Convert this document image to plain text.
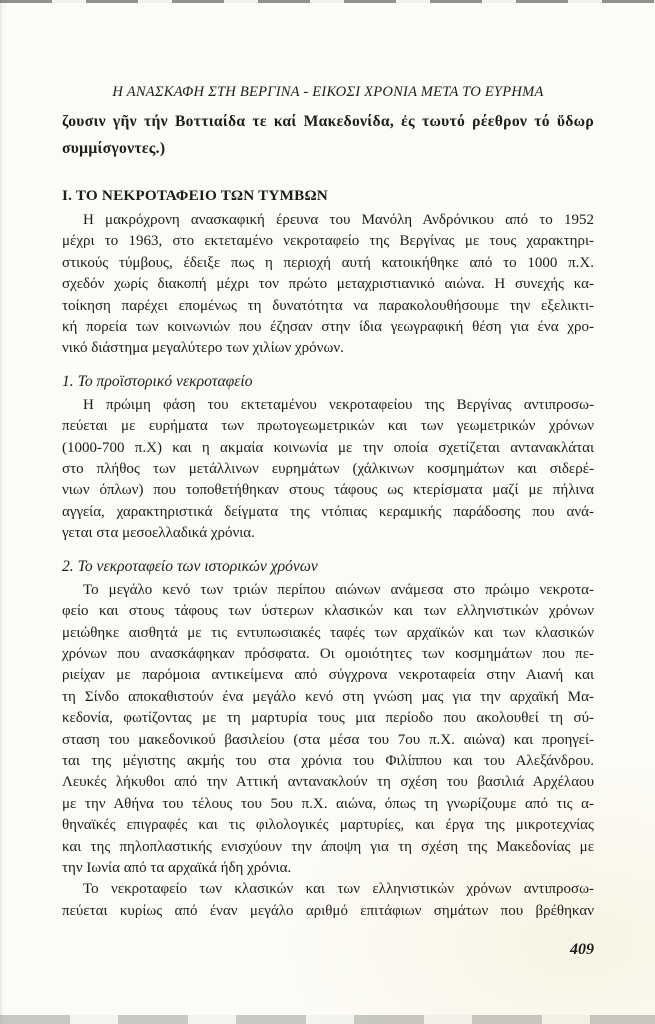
Η ΑΝΑΣΚΑΦΗ ΣΤΗ ΒΕΡΓΙΝΑ - ΕΙΚΟΣΙ ΧΡΟΝΙΑ ΜΕΤΑ ΤΟ ΕΥΡΗΜΑ
ζουσιν γῆν τήν Βοττιαίδα τε καί Μακεδονίδα, ἐς τωυτό ρέεθρον τό ὕδωρ
συμμίσγοντες.)
Ι. ΤΟ ΝΕΚΡΟΤΑΦΕΙΟ ΤΩΝ ΤΥΜΒΩΝ
Η μακρόχρονη ανασκαφική έρευνα του Μανόλη Ανδρόνικου από το 1952
μέχρι το 1963, στο εκτεταμένο νεκροταφείο της Βεργίνας με τους χαρακτηρι-
στικούς τύμβους, έδειξε πως η περιοχή αυτή κατοικήθηκε από το 1000 π.Χ.
σχεδόν χωρίς διακοπή μέχρι τον πρώτο μεταχριστιανικό αιώνα. Η συνεχής κα-
τοίκηση παρέχει επομένως τη δυνατότητα να παρακολουθήσουμε την εξελικτι-
κή πορεία των κοινωνιών που έζησαν στην ίδια γεωγραφική θέση για ένα χρο-
νικό διάστημα μεγαλύτερο των χιλίων χρόνων.
1. Το προϊστορικό νεκροταφείο
Η πρώιμη φάση του εκτεταμένου νεκροταφείου της Βεργίνας αντιπροσω-
πεύεται με ευρήματα των πρωτογεωμετρικών και των γεωμετρικών χρόνων
(1000-700 π.Χ) και η ακμαία κοινωνία με την οποία σχετίζεται αντανακλάται
στο πλήθος των μετάλλινων ευρημάτων (χάλκινων κοσμημάτων και σιδερέ-
νιων όπλων) που τοποθετήθηκαν στους τάφους ως κτερίσματα μαζί με πήλινα
αγγεία, χαρακτηριστικά δείγματα της ντόπιας κεραμικής παράδοσης που ανά-
γεται στα μεσοελλαδικά χρόνια.
2. Το νεκροταφείο των ιστορικών χρόνων
Το μεγάλο κενό των τριών περίπου αιώνων ανάμεσα στο πρώιμο νεκροτα-
φείο και στους τάφους των ύστερων κλασικών και των ελληνιστικών χρόνων
μειώθηκε αισθητά με τις εντυπωσιακές ταφές των αρχαϊκών και των κλασικών
χρόνων που ανασκάφηκαν πρόσφατα. Οι ομοιότητες των κοσμημάτων που πε-
ριείχαν με παρόμοια αντικείμενα από σύγχρονα νεκροταφεία στην Αιανή και
τη Σίνδο αποκαθιστούν ένα μεγάλο κενό στη γνώση μας για την αρχαϊκή Μα-
κεδονία, φωτίζοντας με τη μαρτυρία τους μια περίοδο που ακολουθεί τη σύ-
σταση του μακεδονικού βασιλείου (στα μέσα του 7ου π.Χ. αιώνα) και προηγεί-
ται της μέγιστης ακμής του στα χρόνια του Φιλίππου και του Αλεξάνδρου.
Λευκές λήκυθοι από την Αττική αντανακλούν τη σχέση του βασιλιά Αρχέλαου
με την Αθήνα του τέλους του 5ου π.Χ. αιώνα, όπως τη γνωρίζουμε από τις α-
θηναϊκές επιγραφές και τις φιλολογικές μαρτυρίες, και έργα της μικροτεχνίας
και της πηλοπλαστικής ενισχύουν την άποψη για τη σχέση της Μακεδονίας με
την Ιωνία από τα αρχαϊκά ήδη χρόνια.
Το νεκροταφείο των κλασικών και των ελληνιστικών χρόνων αντιπροσω-
πεύεται κυρίως από έναν μεγάλο αριθμό επιτάφιων σημάτων που βρέθηκαν
409
